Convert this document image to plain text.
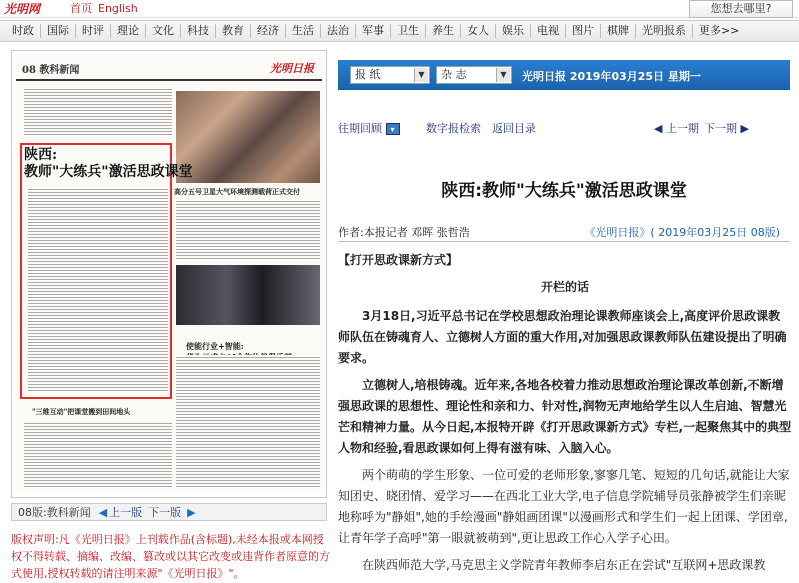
光明网	首页 English	您想去哪里?
时政	国际	时评	理论	文化	科技	教育	经济	生活	法治	军事	卫生	养生	女人	娱乐	电视	图片	棋牌	光明报系	更多>>
08 教科新闻	光明日报
高分五号卫星大气环境探测载荷正式交付
使能行业+智能:
"三维互动"把课堂搬到田间地头
陕西:
教师"大练兵"激活思政课堂
08版:教科新闻 ◀ 上一版 下一版 ▶
版权声明:凡《光明日报》上刊载作品(含标题),未经本报或本网授权不得转载、摘编、改编、篡改或以其它改变或违背作者原意的方式使用,授权转载的请注明来源"《光明日报》"。
报 纸	▼	杂 志	▼	光明日报 2019年03月25日 星期一
往期回顾 ▾	数字报检索 返回目录	◀ 上一期 下一期 ▶
陕西:教师"大练兵"激活思政课堂
作者:本报记者 邓晖 张哲浩	《光明日报》( 2019年03月25日 08版)

【打开思政课新方式】

开栏的话

3月18日,习近平总书记在学校思想政治理论课教师座谈会上,高度评价思政课教师队伍在铸魂育人、立德树人方面的重大作用,对加强思政课教师队伍建设提出了明确要求。

立德树人,培根铸魂。近年来,各地各校着力推动思想政治理论课改革创新,不断增强思政课的思想性、理论性和亲和力、针对性,润物无声地给学生以人生启迪、智慧光芒和精神力量。从今日起,本报特开辟《打开思政课新方式》专栏,一起聚焦其中的典型人物和经验,看思政课如何上得有滋有味、入脑入心。

两个萌萌的学生形象、一位可爱的老师形象,寥寥几笔、短短的几句话,就能让大家知团史、晓团情、爱学习——在西北工业大学,电子信息学院辅导员张静被学生们亲昵地称呼为"静姐",她的手绘漫画"静姐画团课"以漫画形式和学生们一起上团课、学团章,让青年学子高呼"第一眼就被萌到",更让思政工作心入学子心田。

在陕西师范大学,马克思主义学院青年教师李启东正在尝试"互联网+思政课教
